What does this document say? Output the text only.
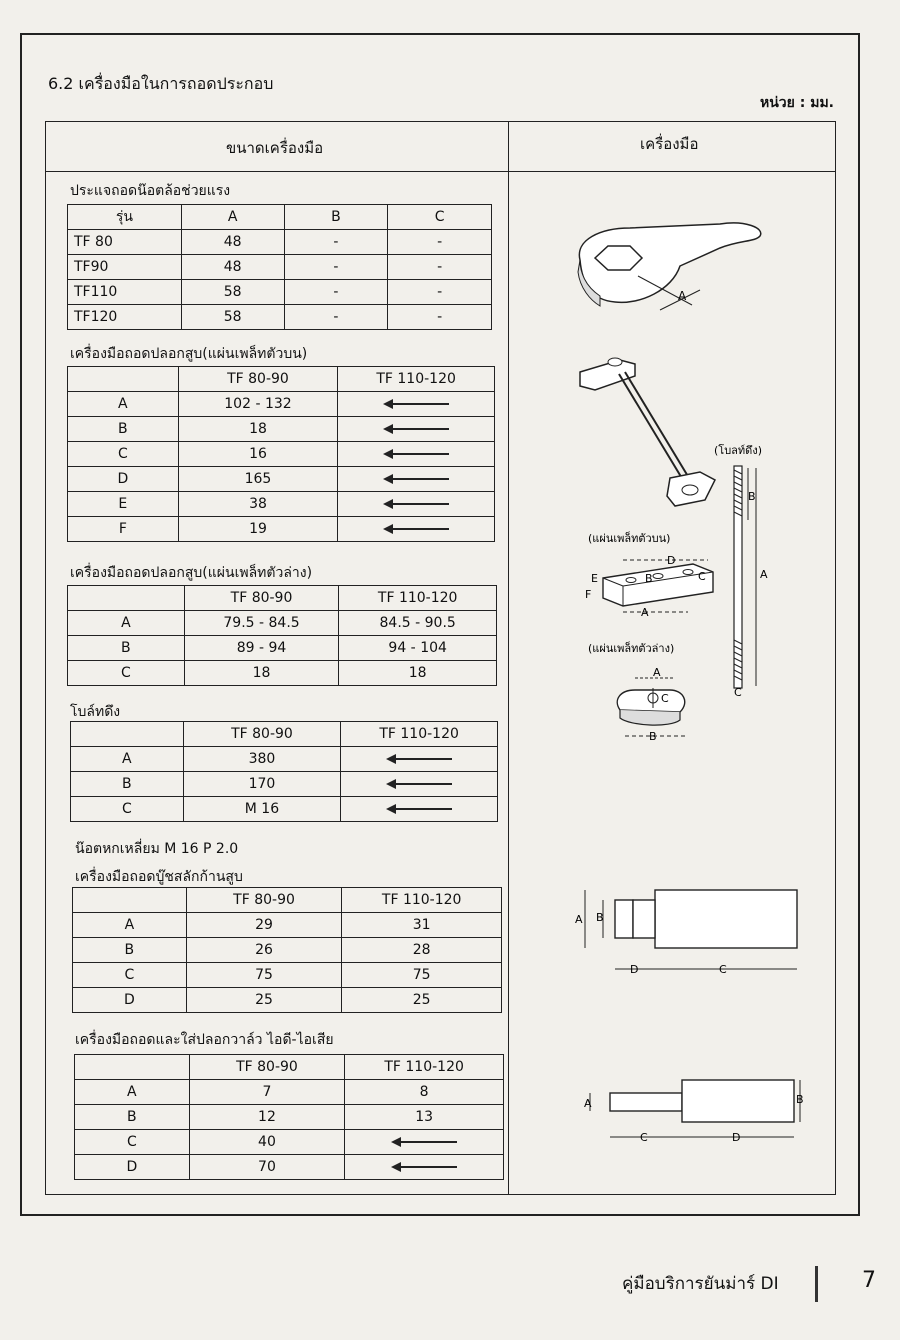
6.2 เครื่องมือในการถอดประกอบ
หน่วย : มม.
ขนาดเครื่องมือ	เครื่องมือ
ประแจถอดน๊อตล้อช่วยแรง
รุ่น	A	B	C
TF 80	48	-	-
TF90	48	-	-
TF110	58	-	-
TF120	58	-	-
เครื่องมือถอดปลอกสูบ(แผ่นเพล็ทตัวบน)
	TF 80-90	TF 110-120
A	102 - 132	
B	18	
C	16	
D	165	
E	38	
F	19	
เครื่องมือถอดปลอกสูบ(แผ่นเพล็ทตัวล่าง)
	TF 80-90	TF 110-120
A	79.5 - 84.5	84.5 - 90.5
B	89 - 94	94 - 104
C	18	18
โบล์ทดึง
	TF 80-90	TF 110-120
A	380	
B	170	
C	M 16	
น๊อตหกเหลี่ยม M 16 P 2.0
เครื่องมือถอดบู๊ชสลักก้านสูบ
	TF 80-90	TF 110-120
A	29	31
B	26	28
C	75	75
D	25	25
เครื่องมือถอดและใส่ปลอกวาล์ว ไอดี-ไอเสีย
	TF 80-90	TF 110-120
A	7	8
B	12	13
C	40	
D	70	
A
(โบลท์ดึง)
B
A
C
(แผ่นเพล็ทตัวบน)
D
B	C
E
F
A
(แผ่นเพล็ทตัวล่าง)
A
C
B
A B
D	C
A	B
C	D
คู่มือบริการยันม่าร์ DI	7
